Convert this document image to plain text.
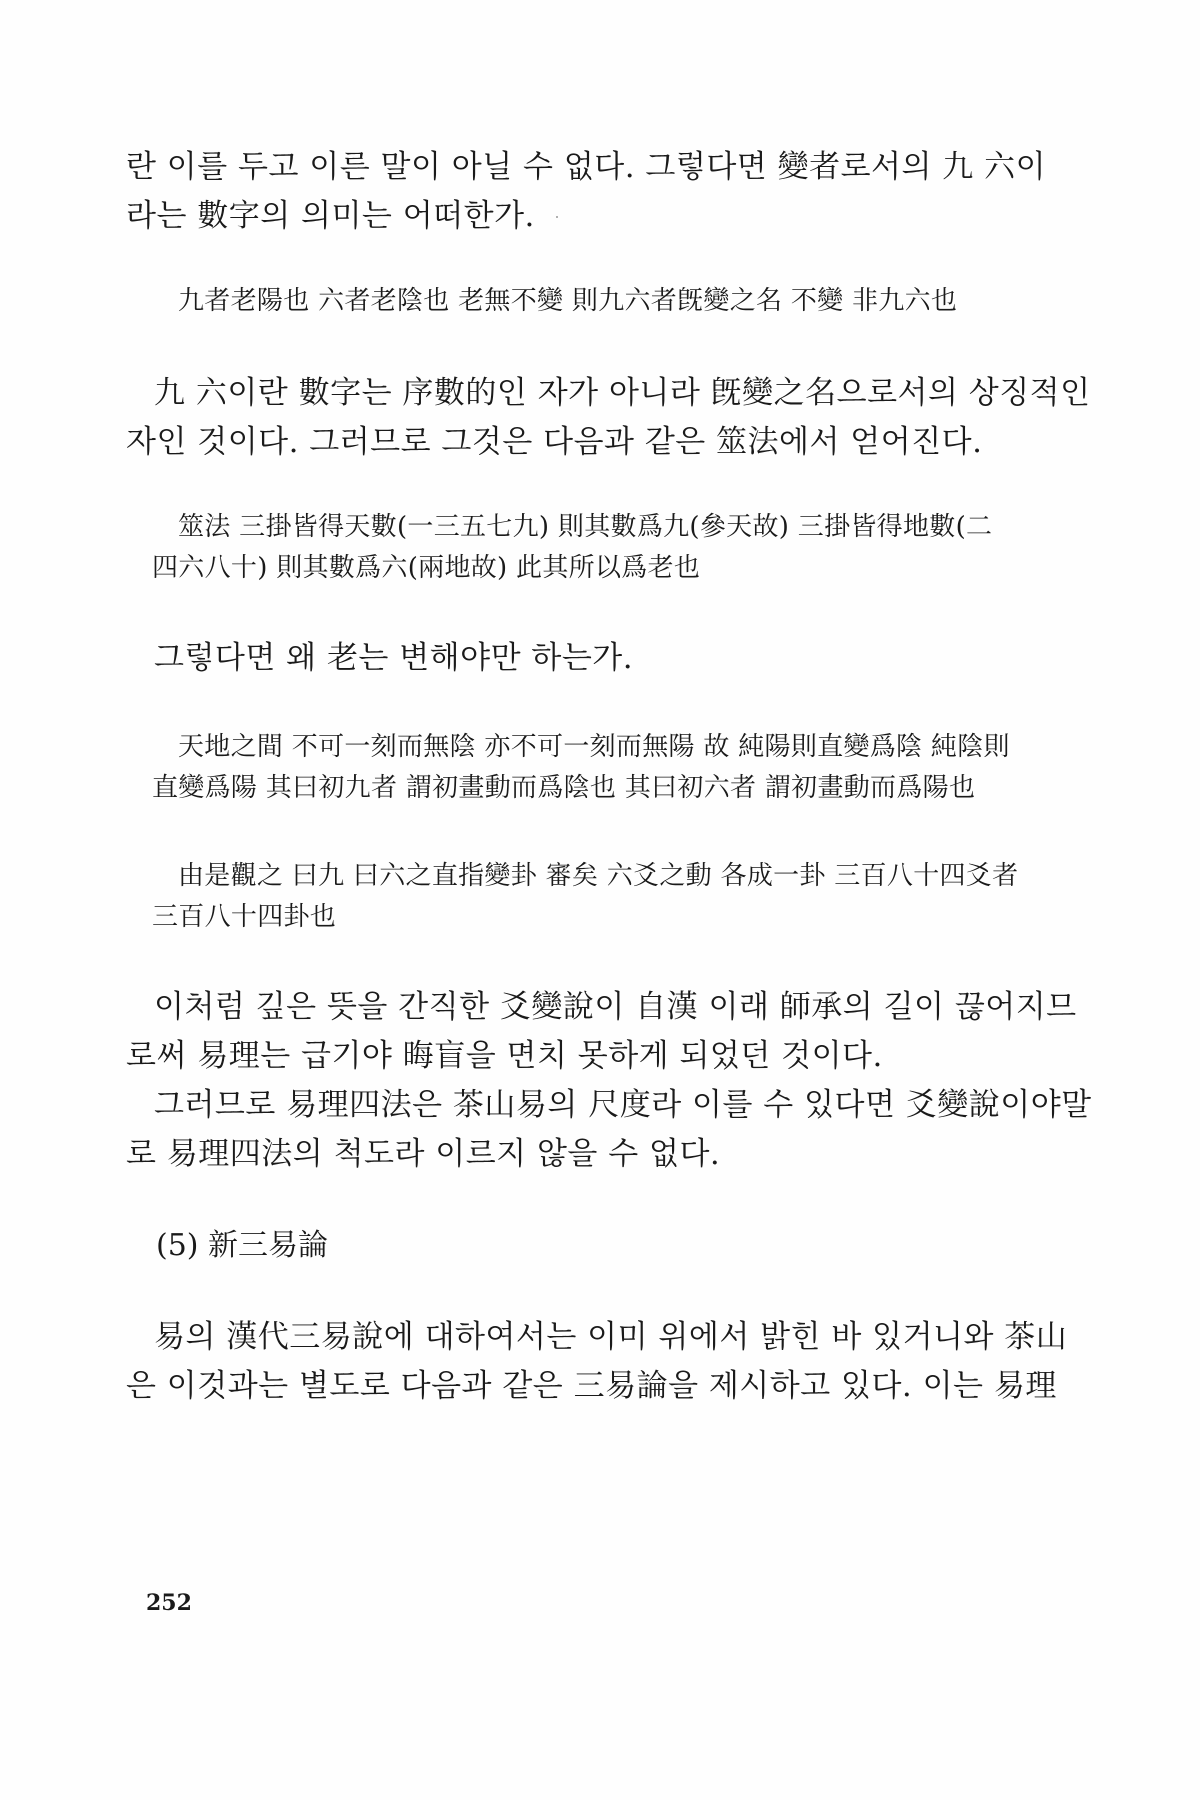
란 이를 두고 이른 말이 아닐 수 없다. 그렇다면 變者로서의 九 六이
라는 數字의 의미는 어떠한가.
九者老陽也 六者老陰也 老無不變 則九六者旣變之名 不變 非九六也
九 六이란 數字는 序數的인 자가 아니라 旣變之名으로서의 상징적인
자인 것이다. 그러므로 그것은 다음과 같은 筮法에서 얻어진다.
筮法 三掛皆得天數(一三五七九) 則其數爲九(參天故) 三掛皆得地數(二
四六八十) 則其數爲六(兩地故) 此其所以爲老也
그렇다면 왜 老는 변해야만 하는가.
天地之間 不可一刻而無陰 亦不可一刻而無陽 故 純陽則直變爲陰 純陰則
直變爲陽 其曰初九者 謂初畫動而爲陰也 其曰初六者 謂初畫動而爲陽也
由是觀之 曰九 曰六之直指變卦 審矣 六爻之動 各成一卦 三百八十四爻者
三百八十四卦也
이처럼 깊은 뜻을 간직한 爻變說이 自漢 이래 師承의 길이 끊어지므
로써 易理는 급기야 晦盲을 면치 못하게 되었던 것이다.
그러므로 易理四法은 茶山易의 尺度라 이를 수 있다면 爻變說이야말
로 易理四法의 척도라 이르지 않을 수 없다.
(5) 新三易論
易의 漢代三易說에 대하여서는 이미 위에서 밝힌 바 있거니와 茶山
은 이것과는 별도로 다음과 같은 三易論을 제시하고 있다. 이는 易理
252
